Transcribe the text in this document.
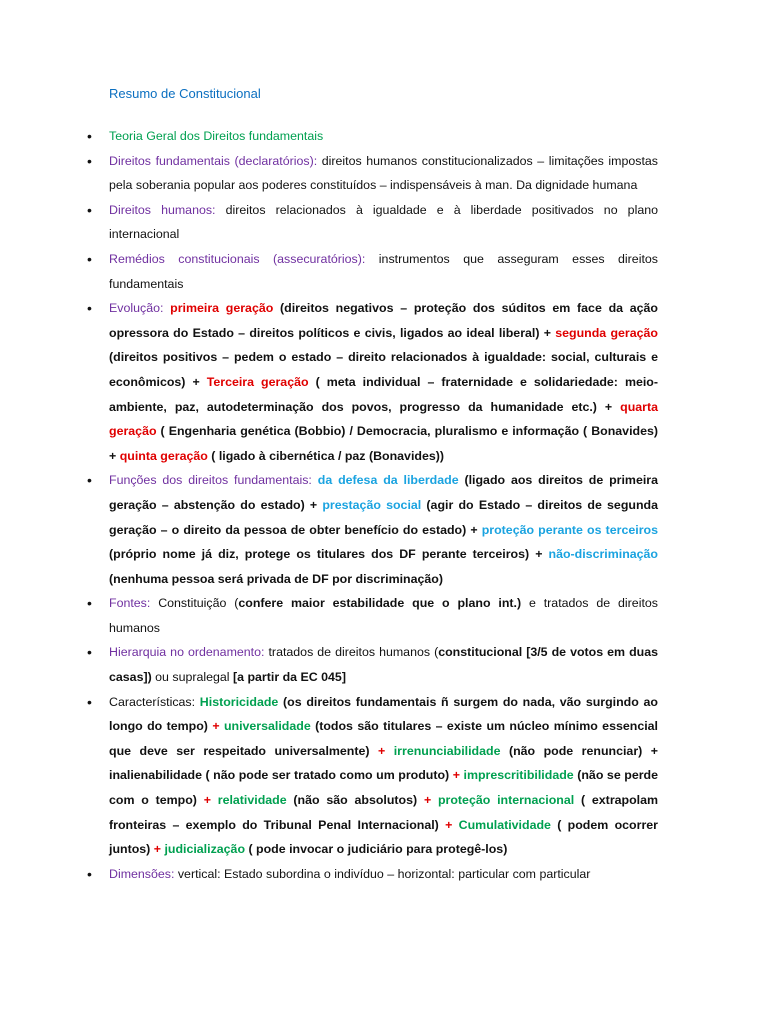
Resumo de Constitucional
• Teoria Geral dos Direitos fundamentais
• Direitos fundamentais (declaratórios): direitos humanos constitucionalizados – limitações impostas pela soberania popular aos poderes constituídos – indispensáveis à man. Da dignidade humana
• Direitos humanos: direitos relacionados à igualdade e à liberdade positivados no plano internacional
• Remédios constitucionais (assecuratórios): instrumentos que asseguram esses direitos fundamentais
• Evolução: primeira geração (direitos negativos – proteção dos súditos em face da ação opressora do Estado – direitos políticos e civis, ligados ao ideal liberal) + segunda geração (direitos positivos – pedem o estado – direito relacionados à igualdade: social, culturais e econômicos) + Terceira geração ( meta individual – fraternidade e solidariedade: meio-ambiente, paz, autodeterminação dos povos, progresso da humanidade etc.) + quarta geração ( Engenharia genética (Bobbio) / Democracia, pluralismo e informação ( Bonavides) + quinta geração ( ligado à cibernética / paz (Bonavides))
• Funções dos direitos fundamentais: da defesa da liberdade (ligado aos direitos de primeira geração – abstenção do estado) + prestação social (agir do Estado – direitos de segunda geração – o direito da pessoa de obter benefício do estado) + proteção perante os terceiros (próprio nome já diz, protege os titulares dos DF perante terceiros) + não-discriminação (nenhuma pessoa será privada de DF por discriminação)
• Fontes: Constituição (confere maior estabilidade que o plano int.) e tratados de direitos humanos
• Hierarquia no ordenamento: tratados de direitos humanos (constitucional [3/5 de votos em duas casas]) ou supralegal [a partir da EC 045]
• Características: Historicidade (os direitos fundamentais ñ surgem do nada, vão surgindo ao longo do tempo) + universalidade (todos são titulares – existe um núcleo mínimo essencial que deve ser respeitado universalmente) + irrenunciabilidade (não pode renunciar) + inalienabilidade ( não pode ser tratado como um produto) + imprescritibilidade (não se perde com o tempo) + relatividade (não são absolutos) + proteção internacional ( extrapolam fronteiras – exemplo do Tribunal Penal Internacional) + Cumulatividade ( podem ocorrer juntos) + judicialização ( pode invocar o judiciário para protegê-los)
• Dimensões: vertical: Estado subordina o indivíduo – horizontal: particular com particular
